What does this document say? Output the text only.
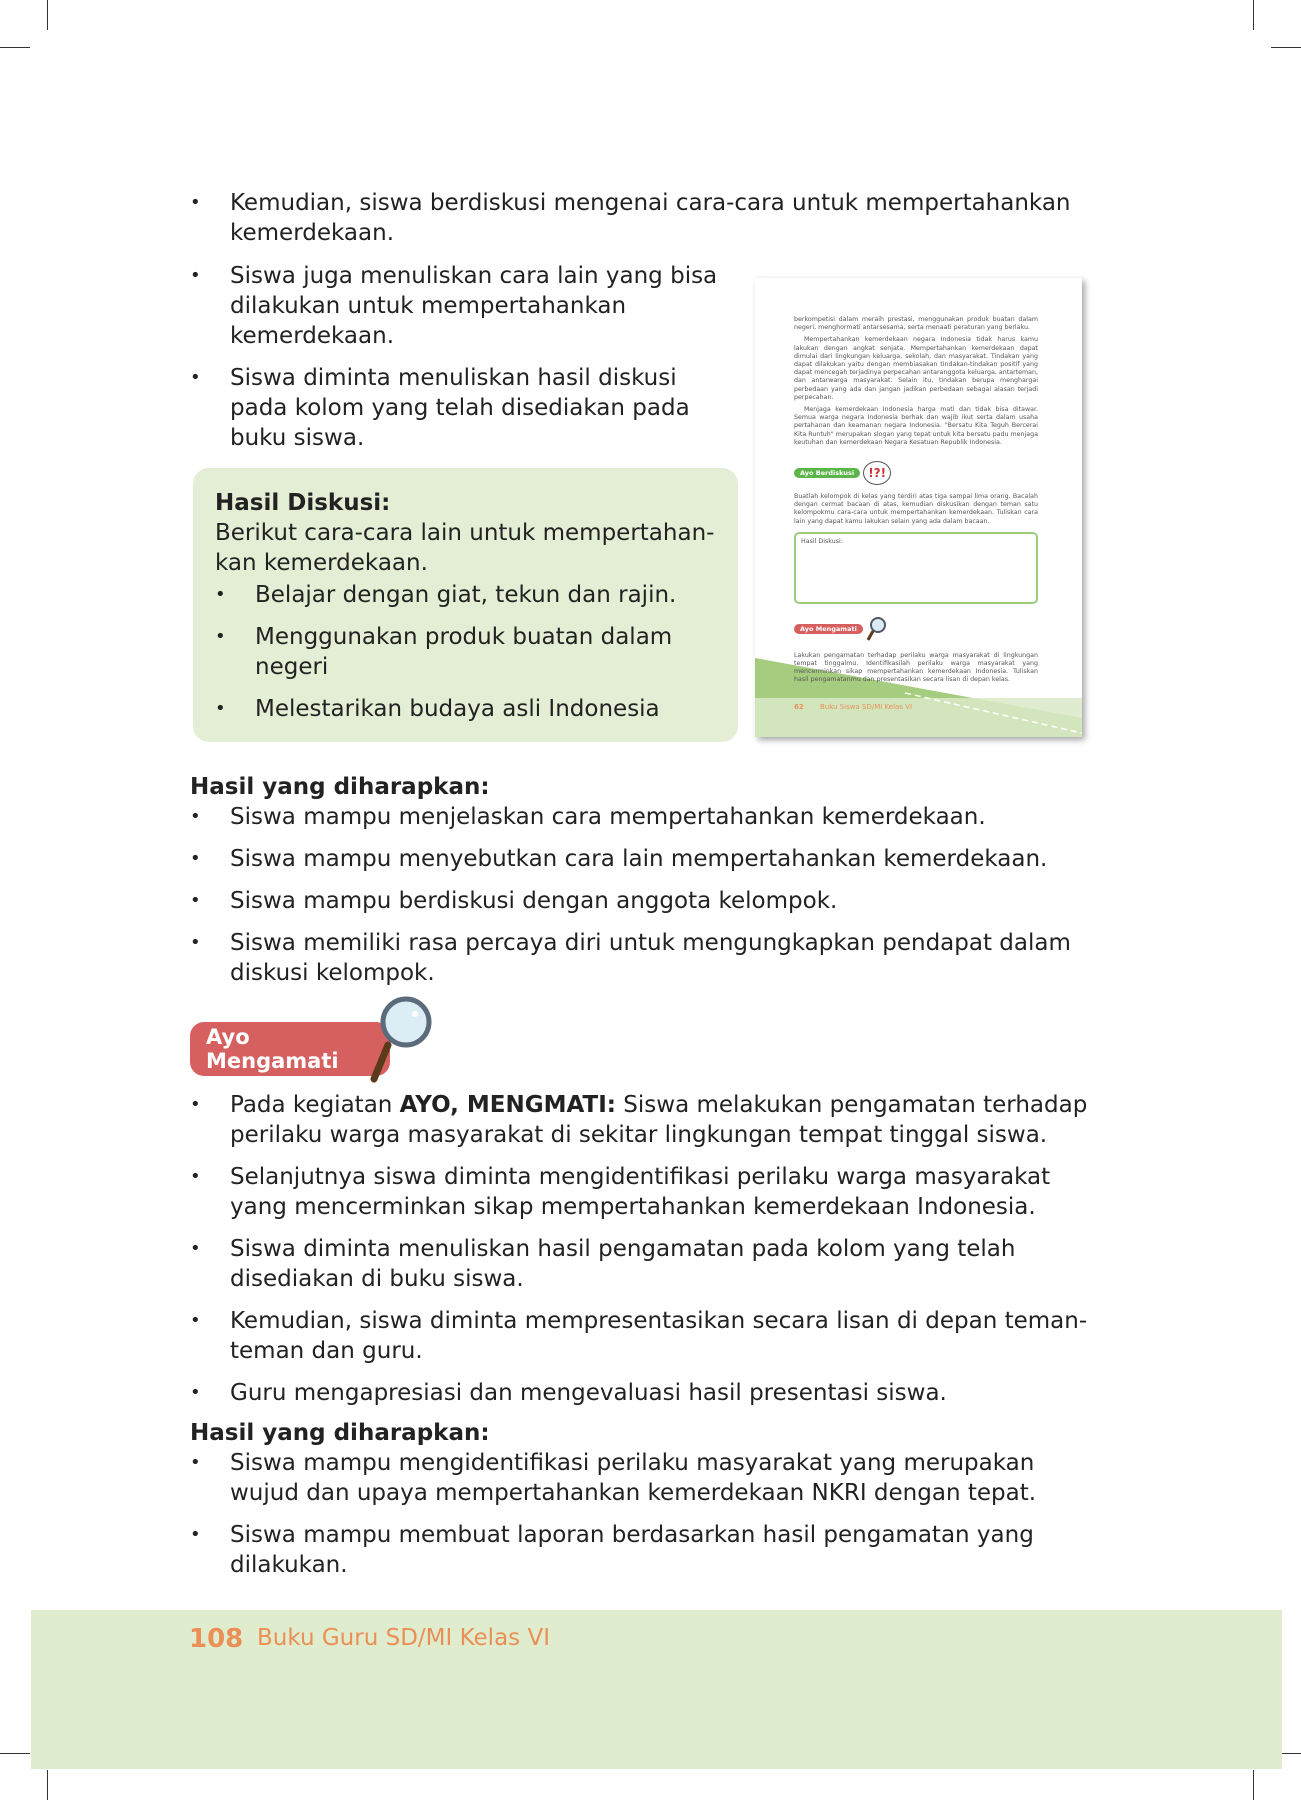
• Kemudian, siswa berdiskusi mengenai cara-cara untuk mempertahankan kemerdekaan.
• Siswa juga menuliskan cara lain yang bisa dilakukan untuk mempertahankan kemerdekaan.
• Siswa diminta menuliskan hasil diskusi pada kolom yang telah disediakan pada buku siswa.
Hasil Diskusi:
Berikut cara-cara lain untuk mempertahan-kan kemerdekaan.
• Belajar dengan giat, tekun dan rajin.
• Menggunakan produk buatan dalam negeri
• Melestarikan budaya asli Indonesia

berkompetisi dalam meraih prestasi, menggunakan produk buatan dalam negeri, menghormati antarsesama, serta menaati peraturan yang berlaku.

Mempertahankan kemerdekaan negara Indonesia tidak harus kamu lakukan dengan angkat senjata. Mempertahankan kemerdekaan dapat dimulai dari lingkungan keluarga, sekolah, dan masyarakat. Tindakan yang dapat dilakukan yaitu dengan membiasakan tindakan-tindakan positif yang dapat mencegah terjadinya perpecahan antaranggota keluarga, antarteman, dan antarwarga masyarakat. Selain itu, tindakan berupa menghargai perbedaan yang ada dan jangan jadikan perbedaan sebagai alasan terjadi perpecahan.

Menjaga kemerdekaan Indonesia harga mati dan tidak bisa ditawar. Semua warga negara Indonesia berhak dan wajib ikut serta dalam usaha pertahanan dan keamanan negara Indonesia. "Bersatu Kita Teguh Bercerai Kita Runtuh" merupakan slogan yang tepat untuk kita bersatu padu menjaga keutuhan dan kemerdekaan Negara Kesatuan Republik Indonesia.

Ayo Berdiskusi	!?!

Buatlah kelompok di kelas yang terdiri atas tiga sampai lima orang. Bacalah dengan cermat bacaan di atas, kemudian diskusikan dengan teman satu kelompokmu cara-cara untuk mempertahankan kemerdekaan. Tuliskan cara lain yang dapat kamu lakukan selain yang ada dalam bacaan.

Hasil Diskusi:
Ayo Mengamati

Lakukan pengamatan terhadap perilaku warga masyarakat di lingkungan tempat tinggalmu. Identifikasilah perilaku warga masyarakat yang mencerminkan sikap mempertahankan kemerdekaan Indonesia. Tuliskan hasil pengamatanmu dan presentasikan secara lisan di depan kelas.

62 Buku Siswa SD/MI Kelas VI
Hasil yang diharapkan:
• Siswa mampu menjelaskan cara mempertahankan kemerdekaan.
• Siswa mampu menyebutkan cara lain mempertahankan kemerdekaan.
• Siswa mampu berdiskusi dengan anggota kelompok.
• Siswa memiliki rasa percaya diri untuk mengungkapkan pendapat dalam diskusi kelompok.
Ayo Mengamati
• Pada kegiatan AYO, MENGMATI: Siswa melakukan pengamatan terhadap perilaku warga masyarakat di sekitar lingkungan tempat tinggal siswa.
• Selanjutnya siswa diminta mengidentifikasi perilaku warga masyarakat yang mencerminkan sikap mempertahankan kemerdekaan Indonesia.
• Siswa diminta menuliskan hasil pengamatan pada kolom yang telah disediakan di buku siswa.
• Kemudian, siswa diminta mempresentasikan secara lisan di depan teman-teman dan guru.
• Guru mengapresiasi dan mengevaluasi hasil presentasi siswa.
Hasil yang diharapkan:
• Siswa mampu mengidentifikasi perilaku masyarakat yang merupakan wujud dan upaya mempertahankan kemerdekaan NKRI dengan tepat.
• Siswa mampu membuat laporan berdasarkan hasil pengamatan yang dilakukan.
108 Buku Guru SD/MI Kelas VI
